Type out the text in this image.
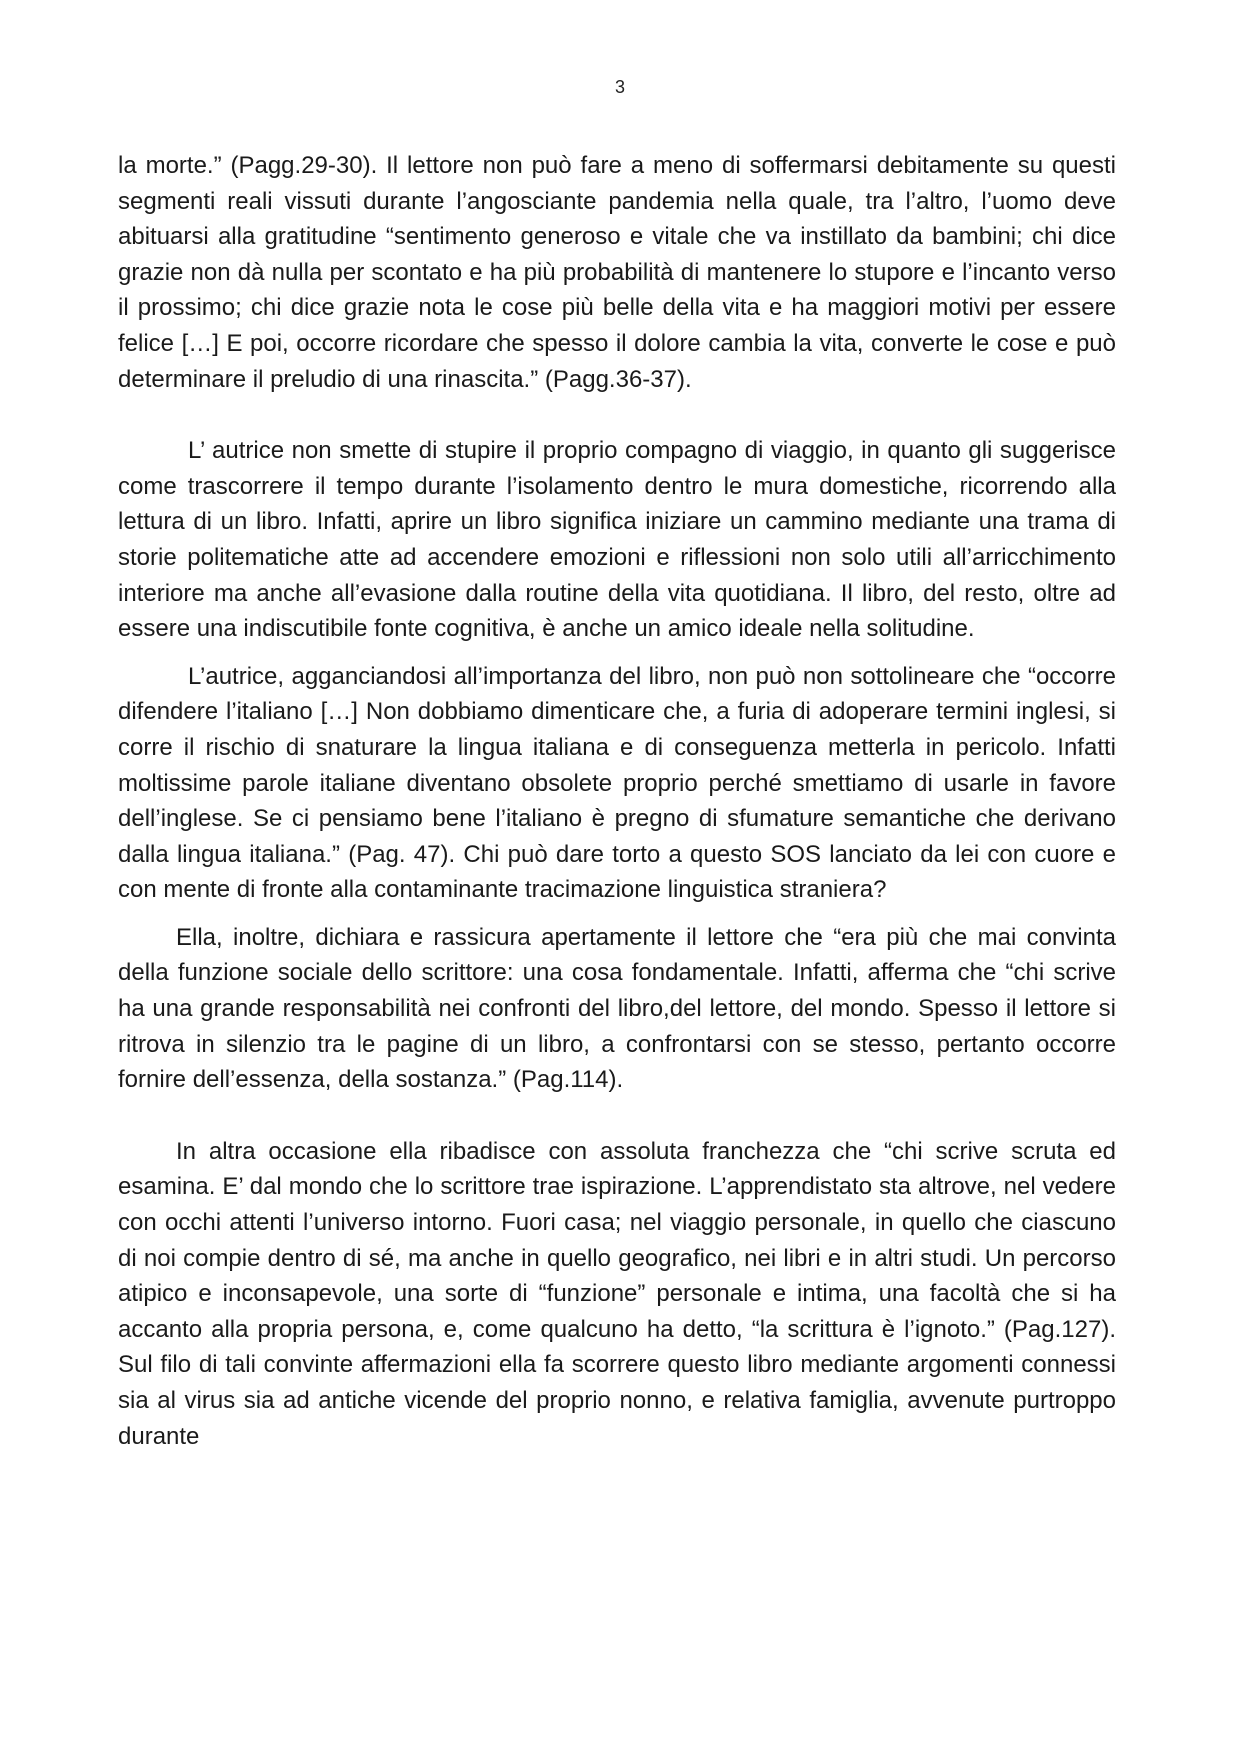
3

la morte.” (Pagg.29-30). Il lettore non può fare a meno di soffermarsi debitamente su questi segmenti reali vissuti durante l’angosciante pandemia nella quale, tra l’altro, l’uomo deve abituarsi alla gratitudine “sentimento generoso e vitale che va instillato da bambini; chi dice grazie non dà nulla per scontato e ha più probabilità di mantenere lo stupore e l’incanto verso il prossimo; chi dice grazie nota le cose più belle della vita e ha maggiori motivi per essere felice […] E poi, occorre ricordare che spesso il dolore cambia la vita, converte le cose e può determinare il preludio di una rinascita.” (Pagg.36-37).

L’ autrice non smette di stupire il proprio compagno di viaggio, in quanto gli suggerisce come trascorrere il tempo durante l’isolamento dentro le mura domestiche, ricorrendo alla lettura di un libro. Infatti, aprire un libro significa iniziare un cammino mediante una trama di storie politematiche atte ad accendere emozioni e riflessioni non solo utili all’arricchimento interiore ma anche all’evasione dalla routine della vita quotidiana. Il libro, del resto, oltre ad essere una indiscutibile fonte cognitiva, è anche un amico ideale nella solitudine.

L’autrice, agganciandosi all’importanza del libro, non può non sottolineare che “occorre difendere l’italiano […] Non dobbiamo dimenticare che, a furia di adoperare termini inglesi, si corre il rischio di snaturare la lingua italiana e di conseguenza metterla in pericolo. Infatti moltissime parole italiane diventano obsolete proprio perché smettiamo di usarle in favore dell’inglese. Se ci pensiamo bene l’italiano è pregno di sfumature semantiche che derivano dalla lingua italiana.” (Pag. 47). Chi può dare torto a questo SOS lanciato da lei con cuore e con mente di fronte alla contaminante tracimazione linguistica straniera?

Ella, inoltre, dichiara e rassicura apertamente il lettore che “era più che mai convinta della funzione sociale dello scrittore: una cosa fondamentale. Infatti, afferma che “chi scrive ha una grande responsabilità nei confronti del libro,del lettore, del mondo. Spesso il lettore si ritrova in silenzio tra le pagine di un libro, a confrontarsi con se stesso, pertanto occorre fornire dell’essenza, della sostanza.” (Pag.114).

In altra occasione ella ribadisce con assoluta franchezza che “chi scrive scruta ed esamina. E’ dal mondo che lo scrittore trae ispirazione. L’apprendistato sta altrove, nel vedere con occhi attenti l’universo intorno. Fuori casa; nel viaggio personale, in quello che ciascuno di noi compie dentro di sé, ma anche in quello geografico, nei libri e in altri studi. Un percorso atipico e inconsapevole, una sorte di “funzione” personale e intima, una facoltà che si ha accanto alla propria persona, e, come qualcuno ha detto, “la scrittura è l’ignoto.” (Pag.127). Sul filo di tali convinte affermazioni ella fa scorrere questo libro mediante argomenti connessi sia al virus sia ad antiche vicende del proprio nonno, e relativa famiglia, avvenute purtroppo durante
